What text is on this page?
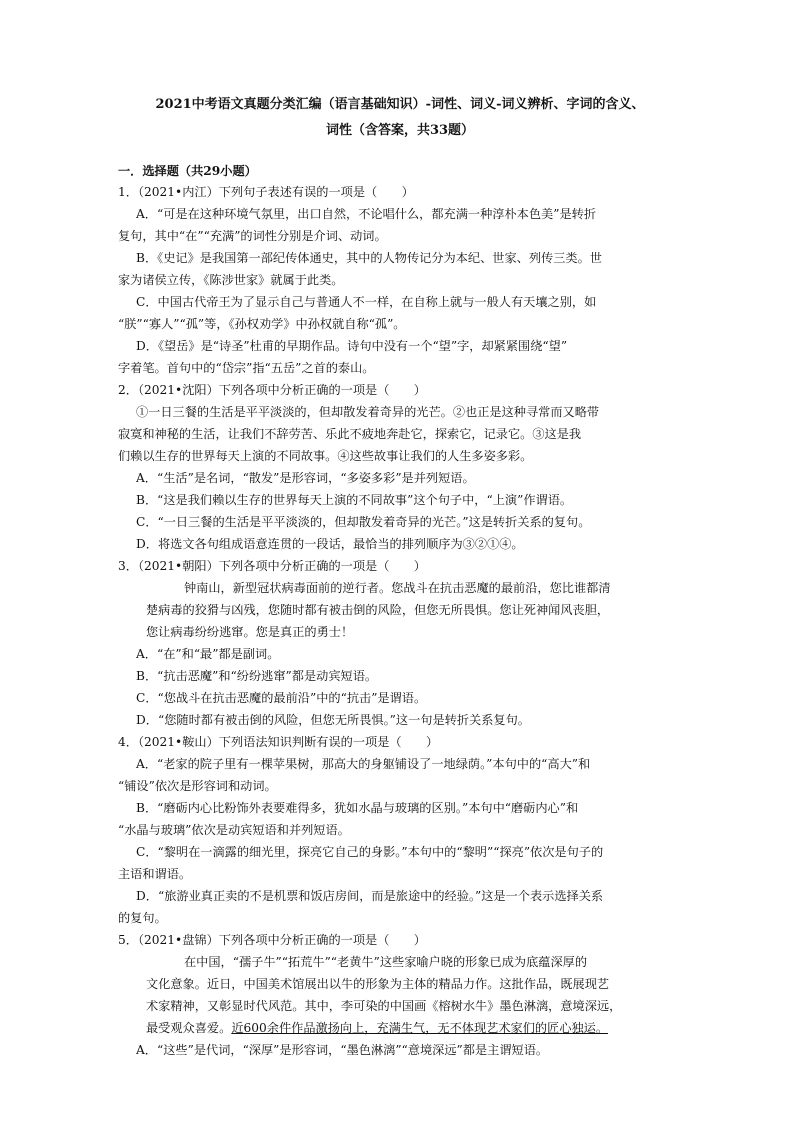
2021中考语文真题分类汇编（语言基础知识）-词性、词义-词义辨析、字词的含义、
词性（含答案，共33题）
一．选择题（共29小题）
1．（2021•内江）下列句子表述有误的一项是（　　）
A．“可是在这种环境气氛里，出口自然，不论唱什么，都充满一种淳朴本色美”是转折
复句，其中“在”“充满”的词性分别是介词、动词。
B．《史记》是我国第一部纪传体通史，其中的人物传记分为本纪、世家、列传三类。世
家为诸侯立传，《陈涉世家》就属于此类。
C．中国古代帝王为了显示自己与普通人不一样，在自称上就与一般人有天壤之别，如
“朕”“寡人”“孤”等，《孙权劝学》中孙权就自称“孤”。
D．《望岳》是“诗圣”杜甫的早期作品。诗句中没有一个“望”字，却紧紧围绕“望”
字着笔。首句中的“岱宗”指“五岳”之首的泰山。
2．（2021•沈阳）下列各项中分析正确的一项是（　　）
①一日三餐的生活是平平淡淡的，但却散发着奇异的光芒。②也正是这种寻常而又略带
寂寞和神秘的生活，让我们不辞劳苦、乐此不疲地奔赴它，探索它，记录它。③这是我
们赖以生存的世界每天上演的不同故事。④这些故事让我们的人生多姿多彩。
A．“生活”是名词，“散发”是形容词，“多姿多彩”是并列短语。
B．“这是我们赖以生存的世界每天上演的不同故事”这个句子中，“上演”作谓语。
C．“一日三餐的生活是平平淡淡的，但却散发着奇异的光芒。”这是转折关系的复句。
D．将选文各句组成语意连贯的一段话，最恰当的排列顺序为③②①④。
3．（2021•朝阳）下列各项中分析正确的一项是（　　）
钟南山，新型冠状病毒面前的逆行者。您战斗在抗击恶魔的最前沿，您比谁都清
楚病毒的狡猾与凶残，您随时都有被击倒的风险，但您无所畏惧。您让死神闻风丧胆，
您让病毒纷纷逃窜。您是真正的勇士！
A．“在”和“最”都是副词。
B．“抗击恶魔”和“纷纷逃窜”都是动宾短语。
C．“您战斗在抗击恶魔的最前沿”中的“抗击”是谓语。
D．“您随时都有被击倒的风险，但您无所畏惧。”这一句是转折关系复句。
4．（2021•鞍山）下列语法知识判断有误的一项是（　　）
A．“老家的院子里有一棵苹果树，那高大的身躯铺设了一地绿荫。”本句中的“高大”和
“铺设”依次是形容词和动词。
B．“磨砺内心比粉饰外表要难得多，犹如水晶与玻璃的区别。”本句中“磨砺内心”和
“水晶与玻璃”依次是动宾短语和并列短语。
C．“黎明在一滴露的细光里，探亮它自己的身影。”本句中的“黎明”“探亮”依次是句子的
主语和谓语。
D．“旅游业真正卖的不是机票和饭店房间，而是旅途中的经验。”这是一个表示选择关系
的复句。
5．（2021•盘锦）下列各项中分析正确的一项是（　　）
在中国，“孺子牛”“拓荒牛”“老黄牛”这些家喻户晓的形象已成为底蕴深厚的
文化意象。近日，中国美术馆展出以牛的形象为主体的精品力作。这批作品，既展现艺
术家精神，又彰显时代风范。其中，李可染的中国画《榕树水牛》墨色淋漓，意境深远，
最受观众喜爱。近600余件作品激扬向上，充满生气，无不体现艺术家们的匠心独运。
A．“这些”是代词，“深厚”是形容词，“墨色淋漓”“意境深远”都是主谓短语。
